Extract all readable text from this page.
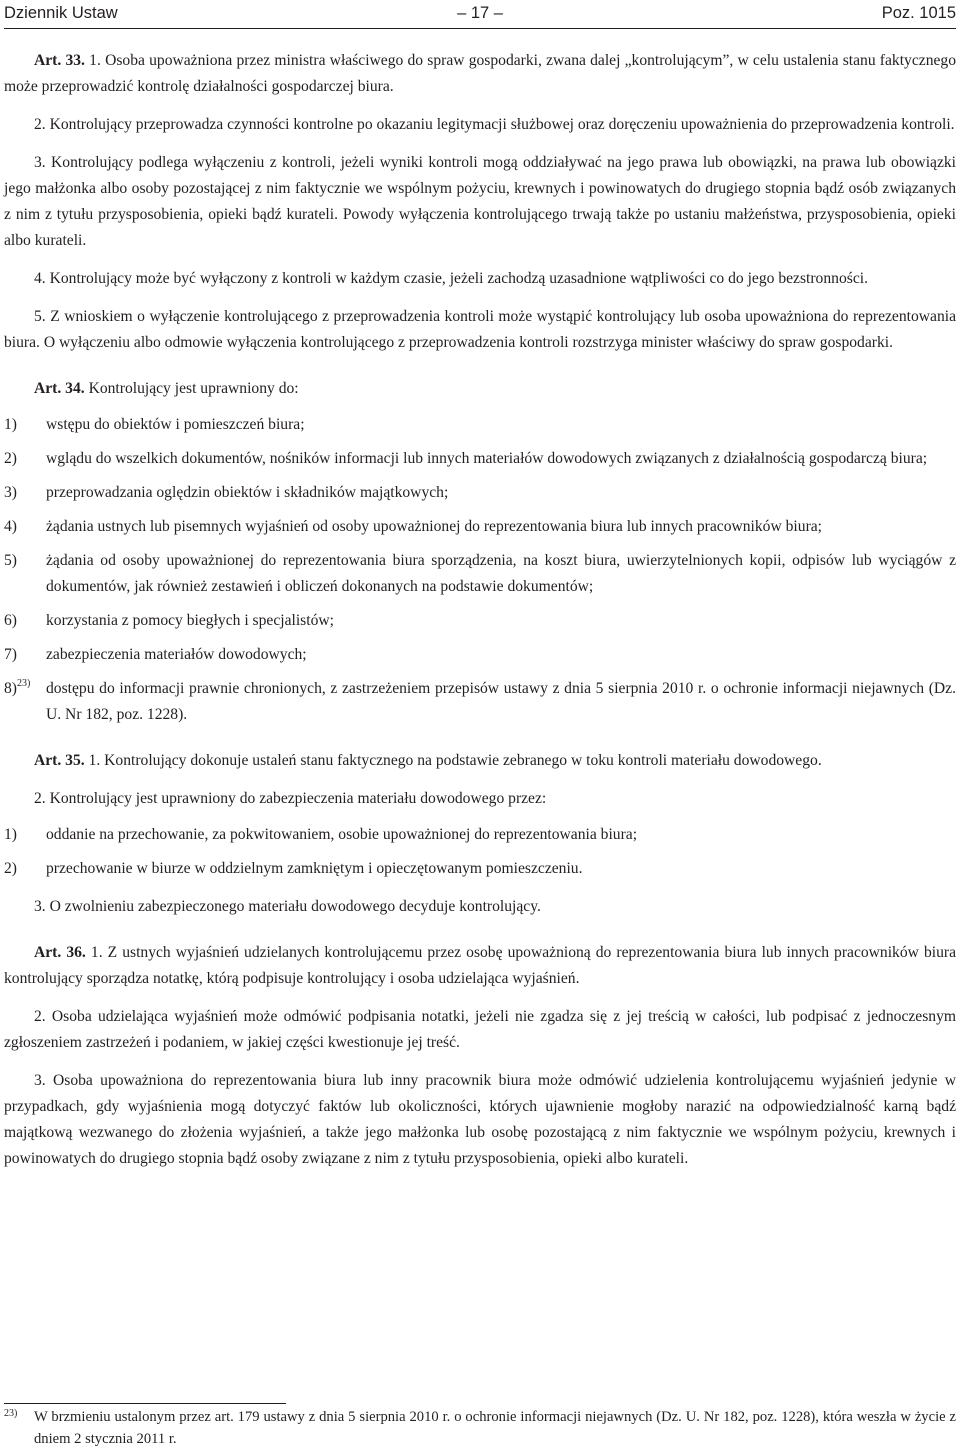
Dziennik Ustaw	– 17 –	Poz. 1015

Art. 33. 1. Osoba upoważniona przez ministra właściwego do spraw gospodarki, zwana dalej „kontrolującym”, w celu ustalenia stanu faktycznego może przeprowadzić kontrolę działalności gospodarczej biura.

2. Kontrolujący przeprowadza czynności kontrolne po okazaniu legitymacji służbowej oraz doręczeniu upoważnienia do przeprowadzenia kontroli.

3. Kontrolujący podlega wyłączeniu z kontroli, jeżeli wyniki kontroli mogą oddziaływać na jego prawa lub obowiązki, na prawa lub obowiązki jego małżonka albo osoby pozostającej z nim faktycznie we wspólnym pożyciu, krewnych i powinowatych do drugiego stopnia bądź osób związanych z nim z tytułu przysposobienia, opieki bądź kurateli. Powody wyłączenia kontrolującego trwają także po ustaniu małżeństwa, przysposobienia, opieki albo kurateli.

4. Kontrolujący może być wyłączony z kontroli w każdym czasie, jeżeli zachodzą uzasadnione wątpliwości co do jego bezstronności.

5. Z wnioskiem o wyłączenie kontrolującego z przeprowadzenia kontroli może wystąpić kontrolujący lub osoba upoważniona do reprezentowania biura. O wyłączeniu albo odmowie wyłączenia kontrolującego z przeprowadzenia kontroli rozstrzyga minister właściwy do spraw gospodarki.

Art. 34. Kontrolujący jest uprawniony do:

1) wstępu do obiektów i pomieszczeń biura;
2) wglądu do wszelkich dokumentów, nośników informacji lub innych materiałów dowodowych związanych z działalnością gospodarczą biura;
3) przeprowadzania oględzin obiektów i składników majątkowych;
4) żądania ustnych lub pisemnych wyjaśnień od osoby upoważnionej do reprezentowania biura lub innych pracowników biura;
5) żądania od osoby upoważnionej do reprezentowania biura sporządzenia, na koszt biura, uwierzytelnionych kopii, odpisów lub wyciągów z dokumentów, jak również zestawień i obliczeń dokonanych na podstawie dokumentów;
6) korzystania z pomocy biegłych i specjalistów;
7) zabezpieczenia materiałów dowodowych;
8)$^{23)}$ dostępu do informacji prawnie chronionych, z zastrzeżeniem przepisów ustawy z dnia 5 sierpnia 2010 r. o ochronie informacji niejawnych (Dz. U. Nr 182, poz. 1228).

Art. 35. 1. Kontrolujący dokonuje ustaleń stanu faktycznego na podstawie zebranego w toku kontroli materiału dowodowego.

2. Kontrolujący jest uprawniony do zabezpieczenia materiału dowodowego przez:

1) oddanie na przechowanie, za pokwitowaniem, osobie upoważnionej do reprezentowania biura;
2) przechowanie w biurze w oddzielnym zamkniętym i opieczętowanym pomieszczeniu.

3. O zwolnieniu zabezpieczonego materiału dowodowego decyduje kontrolujący.

Art. 36. 1. Z ustnych wyjaśnień udzielanych kontrolującemu przez osobę upoważnioną do reprezentowania biura lub innych pracowników biura kontrolujący sporządza notatkę, którą podpisuje kontrolujący i osoba udzielająca wyjaśnień.

2. Osoba udzielająca wyjaśnień może odmówić podpisania notatki, jeżeli nie zgadza się z jej treścią w całości, lub podpisać z jednoczesnym zgłoszeniem zastrzeżeń i podaniem, w jakiej części kwestionuje jej treść.

3. Osoba upoważniona do reprezentowania biura lub inny pracownik biura może odmówić udzielenia kontrolującemu wyjaśnień jedynie w przypadkach, gdy wyjaśnienia mogą dotyczyć faktów lub okoliczności, których ujawnienie mogłoby narazić na odpowiedzialność karną bądź majątkową wezwanego do złożenia wyjaśnień, a także jego małżonka lub osobę pozostającą z nim faktycznie we wspólnym pożyciu, krewnych i powinowatych do drugiego stopnia bądź osoby związane z nim z tytułu przysposobienia, opieki albo kurateli.

23)	W brzmieniu ustalonym przez art. 179 ustawy z dnia 5 sierpnia 2010 r. o ochronie informacji niejawnych (Dz. U. Nr 182, poz. 1228), która weszła w życie z dniem 2 stycznia 2011 r.
